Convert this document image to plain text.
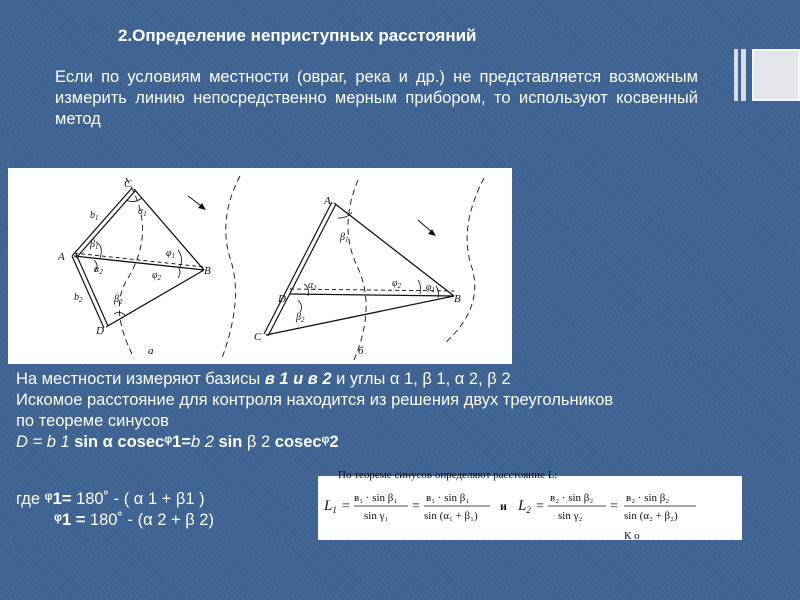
2.Определение неприступных расстояний
Если по условиям местности (овраг, река и др.) не представляется возможным измерить линию непосредственно мерным прибором, то используют косвенный метод
C
A
D
B
$b_1$
$b_2$
$\alpha_1$
$\beta_1$
$\alpha_2$
$\beta_2$
$\varphi_1$
$\varphi_2$
а
A
D
C
B
$\beta_1$
$\alpha_1$
$\beta_2$
$\varphi_2$ $\varphi_1$
б
На местности измеряют базисы в 1 и в 2 и углы α 1, β 1, α 2, β 2
Искомое расстояние для контроля находится из решения двух треугольников
по теореме синусов
D = b 1 sin α cosecᵠ1=b 2 sin β 2 cosecᵠ2
где ᵠ1= 180˚ - ( α 1 + β1 )
ᵠ1 = 180˚ - (α 2 + β 2)
По теореме синусов определяют расстояние L:
$L_1$ =
в₁ · sin β₁
sin γ₁
=
в₁ · sin β₁
sin (α₁ + β₁)
и $L_2$ =
в₂ · sin β₂
sin γ₂
=
в₂ · sin β₂
sin (α₂ + β₂)
К о
